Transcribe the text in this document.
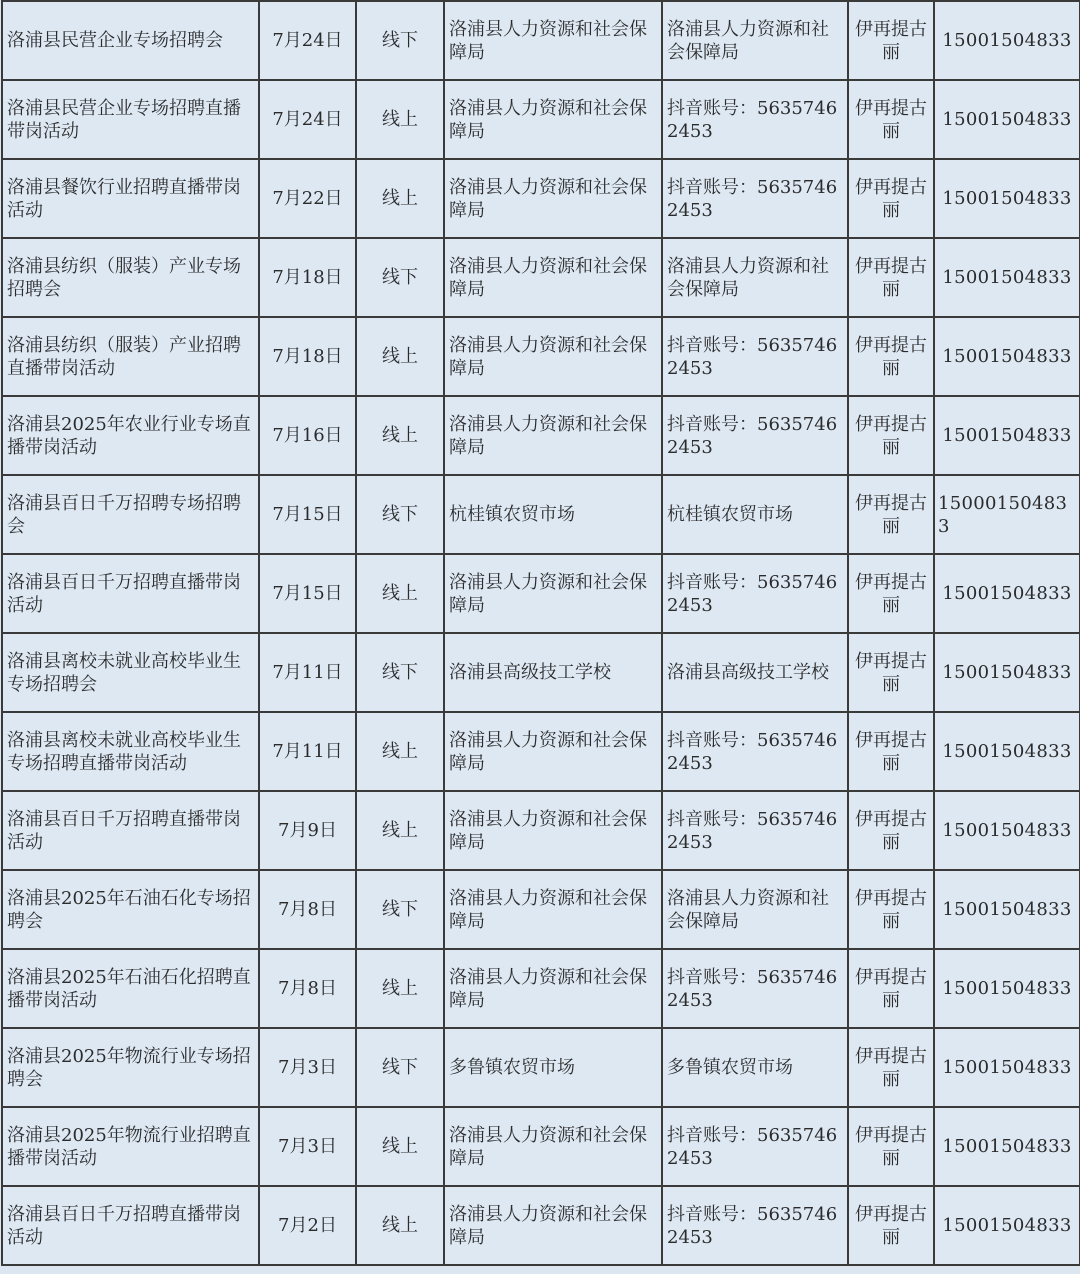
洛浦县民营企业专场招聘会	7月24日	线下	洛浦县人力资源和社会保障局	洛浦县人力资源和社会保障局	伊再提古丽	15001504833
洛浦县民营企业专场招聘直播带岗活动	7月24日	线上	洛浦县人力资源和社会保障局	抖音账号：56357462453	伊再提古丽	15001504833
洛浦县餐饮行业招聘直播带岗活动	7月22日	线上	洛浦县人力资源和社会保障局	抖音账号：56357462453	伊再提古丽	15001504833
洛浦县纺织（服装）产业专场招聘会	7月18日	线下	洛浦县人力资源和社会保障局	洛浦县人力资源和社会保障局	伊再提古丽	15001504833
洛浦县纺织（服装）产业招聘直播带岗活动	7月18日	线上	洛浦县人力资源和社会保障局	抖音账号：56357462453	伊再提古丽	15001504833
洛浦县2025年农业行业专场直播带岗活动	7月16日	线上	洛浦县人力资源和社会保障局	抖音账号：56357462453	伊再提古丽	15001504833
洛浦县百日千万招聘专场招聘会	7月15日	线下	杭桂镇农贸市场	杭桂镇农贸市场	伊再提古丽	150001504833
洛浦县百日千万招聘直播带岗活动	7月15日	线上	洛浦县人力资源和社会保障局	抖音账号：56357462453	伊再提古丽	15001504833
洛浦县离校未就业高校毕业生专场招聘会	7月11日	线下	洛浦县高级技工学校	洛浦县高级技工学校	伊再提古丽	15001504833
洛浦县离校未就业高校毕业生专场招聘直播带岗活动	7月11日	线上	洛浦县人力资源和社会保障局	抖音账号：56357462453	伊再提古丽	15001504833
洛浦县百日千万招聘直播带岗活动	7月9日	线上	洛浦县人力资源和社会保障局	抖音账号：56357462453	伊再提古丽	15001504833
洛浦县2025年石油石化专场招聘会	7月8日	线下	洛浦县人力资源和社会保障局	洛浦县人力资源和社会保障局	伊再提古丽	15001504833
洛浦县2025年石油石化招聘直播带岗活动	7月8日	线上	洛浦县人力资源和社会保障局	抖音账号：56357462453	伊再提古丽	15001504833
洛浦县2025年物流行业专场招聘会	7月3日	线下	多鲁镇农贸市场	多鲁镇农贸市场	伊再提古丽	15001504833
洛浦县2025年物流行业招聘直播带岗活动	7月3日	线上	洛浦县人力资源和社会保障局	抖音账号：56357462453	伊再提古丽	15001504833
洛浦县百日千万招聘直播带岗活动	7月2日	线上	洛浦县人力资源和社会保障局	抖音账号：56357462453	伊再提古丽	15001504833
